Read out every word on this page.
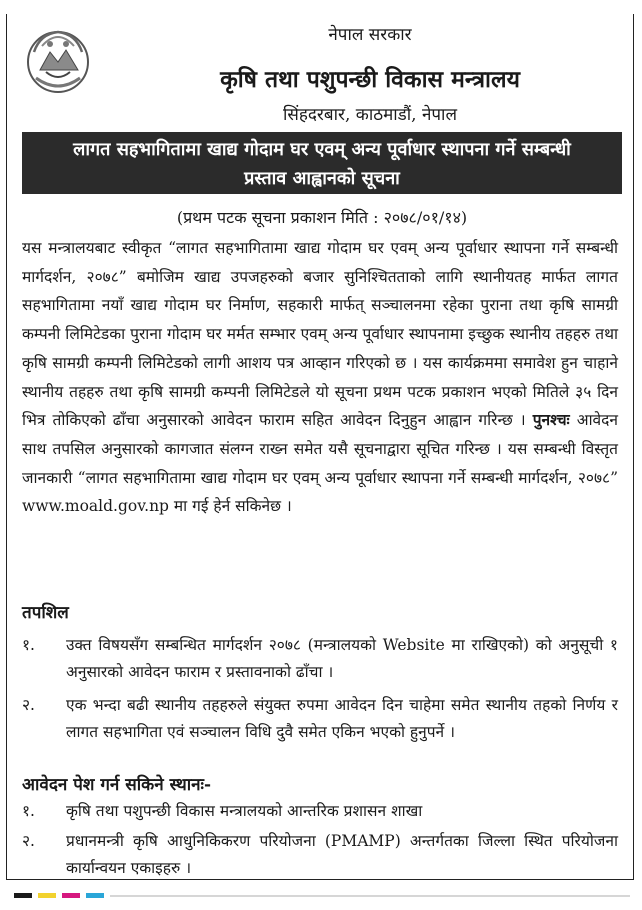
नेपाल सरकार
कृषि तथा पशुपन्छी विकास मन्त्रालय
सिंहदरबार, काठमाडौं, नेपाल
लागत सहभागितामा खाद्य गोदाम घर एवम् अन्य पूर्वाधार स्थापना गर्ने सम्बन्धी
प्रस्ताव आह्वानको सूचना
(प्रथम पटक सूचना प्रकाशन मिति : २०७८/०१/१४)
यस मन्त्रालयबाट स्वीकृत “लागत सहभागितामा खाद्य गोदाम घर एवम् अन्य पूर्वाधार स्थापना गर्ने सम्बन्धी मार्गदर्शन, २०७८” बमोजिम खाद्य उपजहरुको बजार सुनिश्चितताको लागि स्थानीयतह मार्फत लागत सहभागितामा नयाँ खाद्य गोदाम घर निर्माण, सहकारी मार्फत् सञ्चालनमा रहेका पुराना तथा कृषि सामग्री कम्पनी लिमिटेडका पुराना गोदाम घर मर्मत सम्भार एवम् अन्य पूर्वाधार स्थापनामा इच्छुक स्थानीय तहहरु तथा कृषि सामग्री कम्पनी लिमिटेडको लागी आशय पत्र आव्हान गरिएको छ । यस कार्यक्रममा समावेश हुन चाहाने स्थानीय तहहरु तथा कृषि सामग्री कम्पनी लिमिटेडले यो सूचना प्रथम पटक प्रकाशन भएको मितिले ३५ दिन भित्र तोकिएको ढाँचा अनुसारको आवेदन फाराम सहित आवेदन दिनुहुन आह्वान गरिन्छ । पुनश्चः आवेदन साथ तपसिल अनुसारको कागजात संलग्न राख्न समेत यसै सूचनाद्वारा सूचित गरिन्छ । यस सम्बन्धी विस्तृत जानकारी “लागत सहभागितामा खाद्य गोदाम घर एवम् अन्य पूर्वाधार स्थापना गर्ने सम्बन्धी मार्गदर्शन, २०७८” www.moald.gov.np मा गई हेर्न सकिनेछ ।
तपशिल
१. उक्त विषयसँग सम्बन्धित मार्गदर्शन २०७८ (मन्त्रालयको Website मा राखिएको) को अनुसूची १ अनुसारको आवेदन फाराम र प्रस्तावनाको ढाँचा ।
२. एक भन्दा बढी स्थानीय तहहरुले संयुक्त रुपमा आवेदन दिन चाहेमा समेत स्थानीय तहको निर्णय र लागत सहभागिता एवं सञ्चालन विधि दुवै समेत एकिन भएको हुनुपर्ने ।
आवेदन पेश गर्न सकिने स्थानः-
१. कृषि तथा पशुपन्छी विकास मन्त्रालयको आन्तरिक प्रशासन शाखा
२. प्रधानमन्त्री कृषि आधुनिकिकरण परियोजना (PMAMP) अन्तर्गतका जिल्ला स्थित परियोजना कार्यान्वयन एकाइहरु ।
